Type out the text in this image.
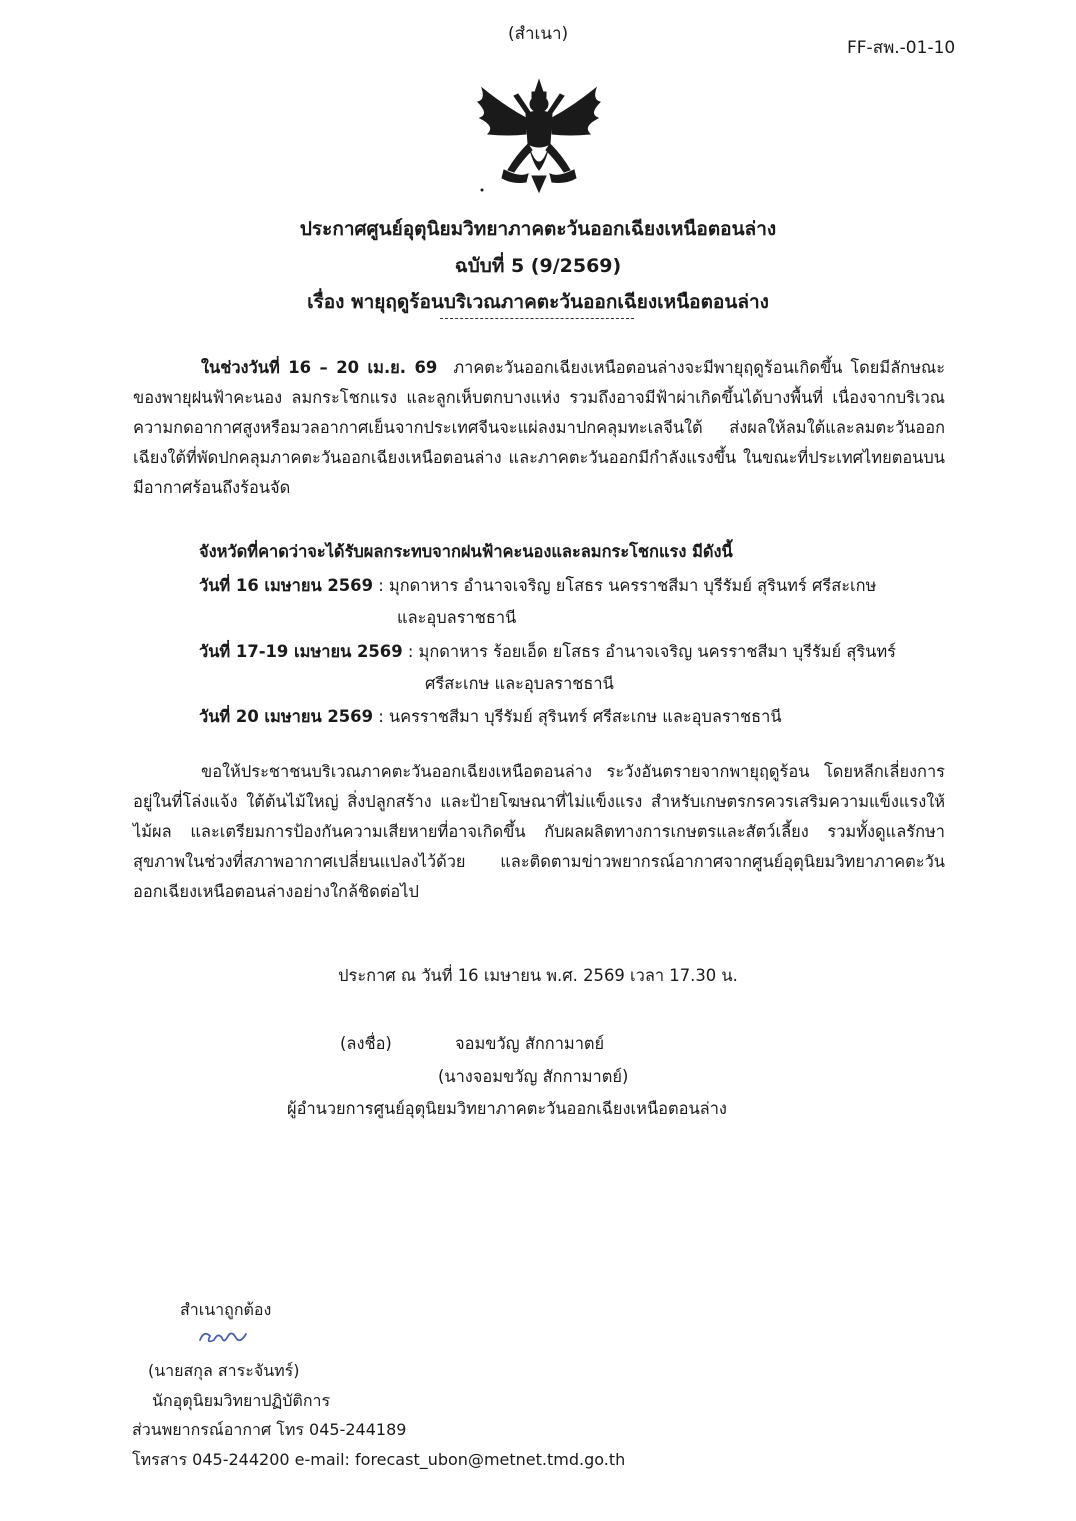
(สำเนา)
FF-สพ.-01-10
ประกาศศูนย์อุตุนิยมวิทยาภาคตะวันออกเฉียงเหนือตอนล่าง
ฉบับที่ 5 (9/2569)
เรื่อง พายุฤดูร้อนบริเวณภาคตะวันออกเฉียงเหนือตอนล่าง
ในช่วงวันที่ 16 – 20 เม.ย. 69 ภาคตะวันออกเฉียงเหนือตอนล่างจะมีพายุฤดูร้อนเกิดขึ้น โดยมีลักษณะของพายุฝนฟ้าคะนอง ลมกระโชกแรง และลูกเห็บตกบางแห่ง รวมถึงอาจมีฟ้าผ่าเกิดขึ้นได้บางพื้นที่ เนื่องจากบริเวณความกดอากาศสูงหรือมวลอากาศเย็นจากประเทศจีนจะแผ่ลงมาปกคลุมทะเลจีนใต้ ส่งผลให้ลมใต้และลมตะวันออกเฉียงใต้ที่พัดปกคลุมภาคตะวันออกเฉียงเหนือตอนล่าง และภาคตะวันออกมีกำลังแรงขึ้น ในขณะที่ประเทศไทยตอนบนมีอากาศร้อนถึงร้อนจัด
จังหวัดที่คาดว่าจะได้รับผลกระทบจากฝนฟ้าคะนองและลมกระโชกแรง มีดังนี้
วันที่ 16 เมษายน 2569 : มุกดาหาร อำนาจเจริญ ยโสธร นครราชสีมา บุรีรัมย์ สุรินทร์ ศรีสะเกษ
และอุบลราชธานี
วันที่ 17-19 เมษายน 2569 : มุกดาหาร ร้อยเอ็ด ยโสธร อำนาจเจริญ นครราชสีมา บุรีรัมย์ สุรินทร์
ศรีสะเกษ และอุบลราชธานี
วันที่ 20 เมษายน 2569 : นครราชสีมา บุรีรัมย์ สุรินทร์ ศรีสะเกษ และอุบลราชธานี
ขอให้ประชาชนบริเวณภาคตะวันออกเฉียงเหนือตอนล่าง ระวังอันตรายจากพายุฤดูร้อน โดยหลีกเลี่ยงการอยู่ในที่โล่งแจ้ง ใต้ต้นไม้ใหญ่ สิ่งปลูกสร้าง และป้ายโฆษณาที่ไม่แข็งแรง สำหรับเกษตรกรควรเสริมความแข็งแรงให้ไม้ผล และเตรียมการป้องกันความเสียหายที่อาจเกิดขึ้น กับผลผลิตทางการเกษตรและสัตว์เลี้ยง รวมทั้งดูแลรักษาสุขภาพในช่วงที่สภาพอากาศเปลี่ยนแปลงไว้ด้วย และติดตามข่าวพยากรณ์อากาศจากศูนย์อุตุนิยมวิทยาภาคตะวันออกเฉียงเหนือตอนล่างอย่างใกล้ชิดต่อไป
ประกาศ ณ วันที่ 16 เมษายน พ.ศ. 2569 เวลา 17.30 น.
(ลงชื่อ)	จอมขวัญ สักกามาตย์
(นางจอมขวัญ สักกามาตย์)
ผู้อำนวยการศูนย์อุตุนิยมวิทยาภาคตะวันออกเฉียงเหนือตอนล่าง
สำเนาถูกต้อง
(นายสกุล สาระจันทร์)
นักอุตุนิยมวิทยาปฏิบัติการ
ส่วนพยากรณ์อากาศ โทร 045-244189
โทรสาร 045-244200 e-mail: forecast_ubon@metnet.tmd.go.th
